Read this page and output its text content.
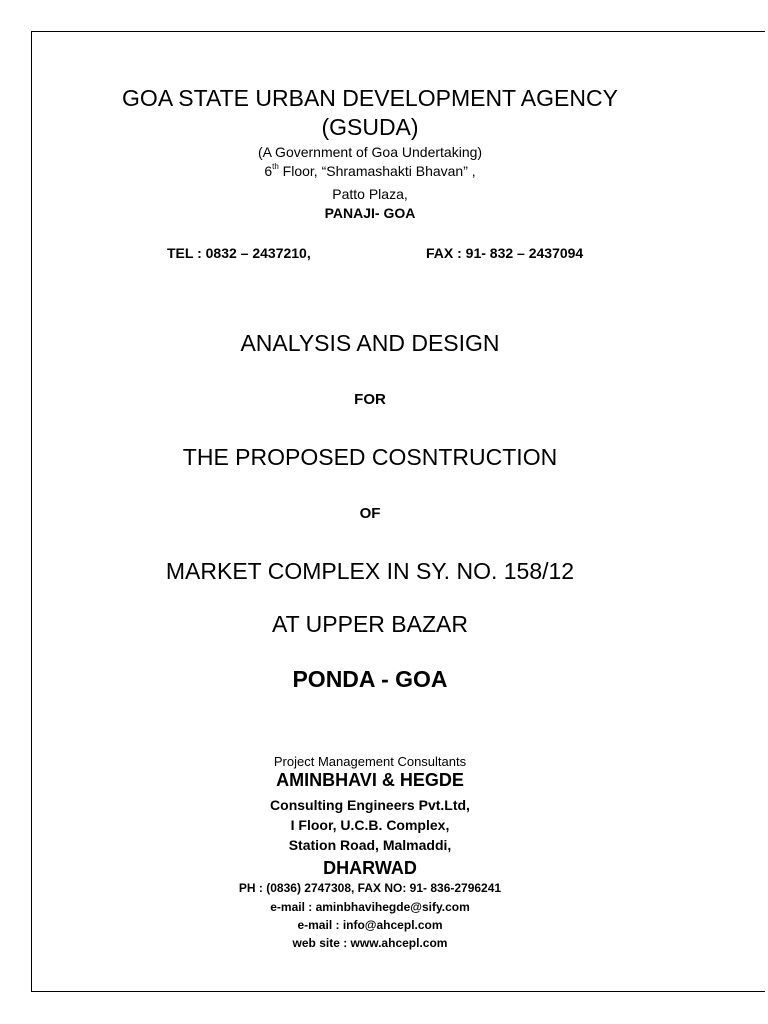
GOA STATE URBAN DEVELOPMENT AGENCY
(GSUDA)
(A Government of Goa Undertaking)
6th Floor, “Shramashakti Bhavan” ,
Patto Plaza,
PANAJI- GOA
TEL : 0832 – 2437210,	FAX : 91- 832 – 2437094
ANALYSIS AND DESIGN
FOR
THE PROPOSED COSNTRUCTION
OF
MARKET COMPLEX IN SY. NO. 158/12
AT UPPER BAZAR
PONDA - GOA
Project Management Consultants
AMINBHAVI & HEGDE
Consulting Engineers Pvt.Ltd,
I Floor, U.C.B. Complex,
Station Road, Malmaddi,
DHARWAD
PH : (0836) 2747308, FAX NO: 91- 836-2796241
e-mail : aminbhavihegde@sify.com
e-mail : info@ahcepl.com
web site : www.ahcepl.com
